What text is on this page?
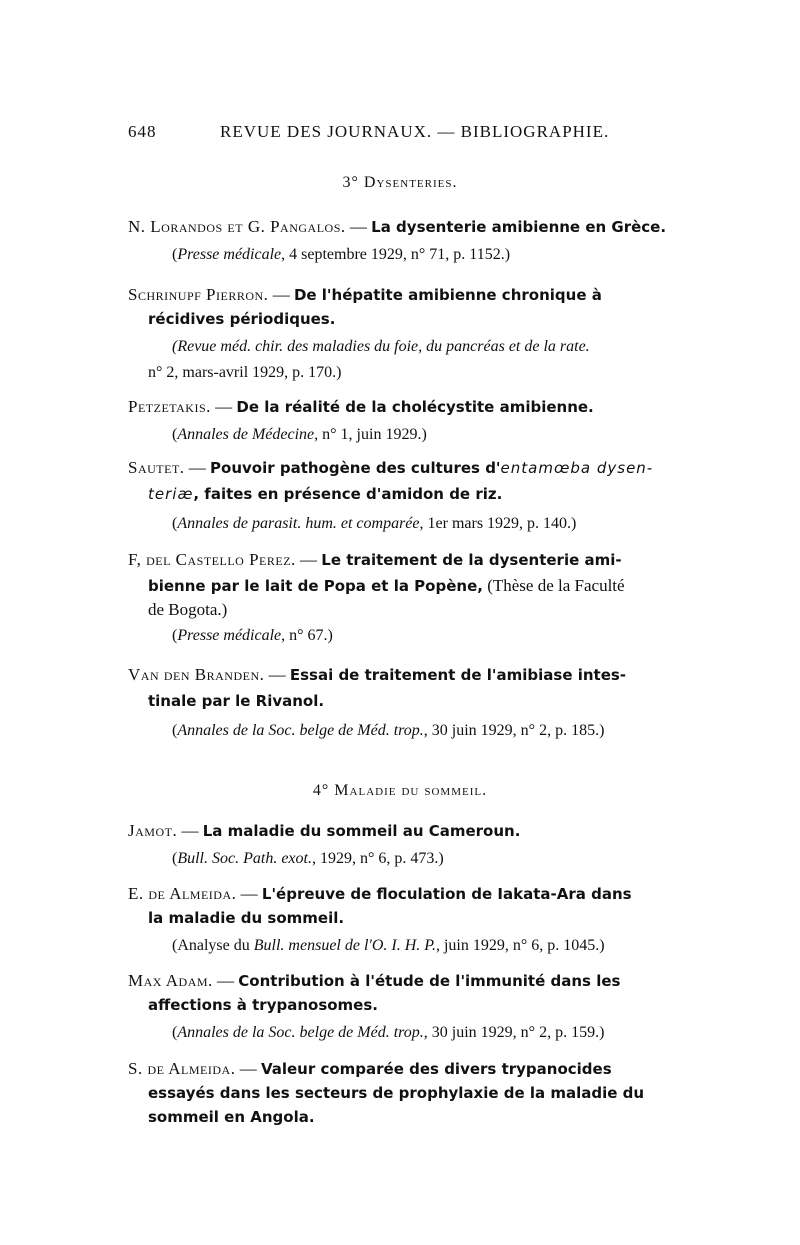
648	REVUE DES JOURNAUX. — BIBLIOGRAPHIE.
3° Dysenteries.
N. Lorandos et G. Pangalos. — La dysenterie amibienne en Grèce.
(Presse médicale, 4 septembre 1929, n° 71, p. 1152.)
Schrinupf Pierron. — De l'hépatite amibienne chronique à
récidives périodiques.
(Revue méd. chir. des maladies du foie, du pancréas et de la rate.
n° 2, mars-avril 1929, p. 170.)
Petzetakis. — De la réalité de la cholécystite amibienne.
(Annales de Médecine, n° 1, juin 1929.)
Sautet. — Pouvoir pathogène des cultures d'entamœba dysen-
teriæ, faites en présence d'amidon de riz.
(Annales de parasit. hum. et comparée, 1er mars 1929, p. 140.)
F, del Castello Perez. — Le traitement de la dysenterie ami-
bienne par le lait de Popa et la Popène, (Thèse de la Faculté
de Bogota.)
(Presse médicale, n° 67.)
Van den Branden. — Essai de traitement de l'amibiase intes-
tinale par le Rivanol.
(Annales de la Soc. belge de Méd. trop., 30 juin 1929, n° 2, p. 185.)
4° Maladie du sommeil.
Jamot. — La maladie du sommeil au Cameroun.
(Bull. Soc. Path. exot., 1929, n° 6, p. 473.)
E. de Almeida. — L'épreuve de floculation de Iakata-Ara dans
la maladie du sommeil.
(Analyse du Bull. mensuel de l'O. I. H. P., juin 1929, n° 6, p. 1045.)
Max Adam. — Contribution à l'étude de l'immunité dans les
affections à trypanosomes.
(Annales de la Soc. belge de Méd. trop., 30 juin 1929, n° 2, p. 159.)
S. de Almeida. — Valeur comparée des divers trypanocides
essayés dans les secteurs de prophylaxie de la maladie du
sommeil en Angola.
